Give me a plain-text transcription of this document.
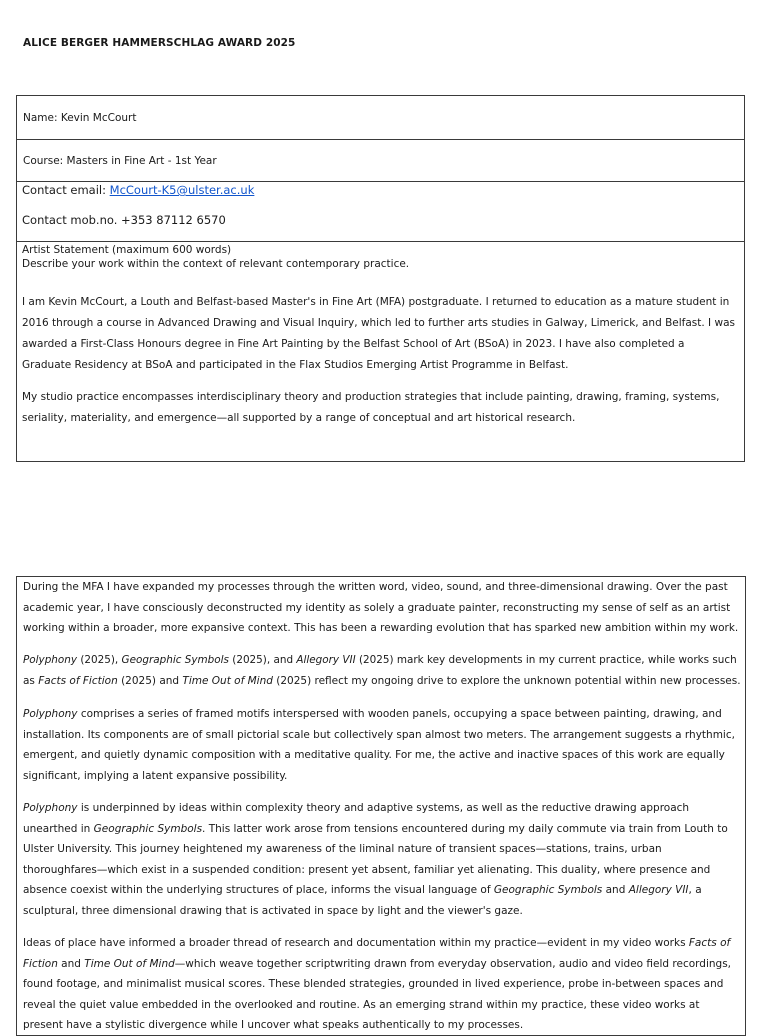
ALICE BERGER HAMMERSCHLAG AWARD 2025
Name: Kevin McCourt
Course: Masters in Fine Art - 1st Year
Contact email: McCourt-K5@ulster.ac.uk
Contact mob.no. +353 87112 6570
Artist Statement (maximum 600 words)
Describe your work within the context of relevant contemporary practice.
I am Kevin McCourt, a Louth and Belfast-based Master's in Fine Art (MFA) postgraduate. I returned to education as a mature student in
2016 through a course in Advanced Drawing and Visual Inquiry, which led to further arts studies in Galway, Limerick, and Belfast. I was
awarded a First-Class Honours degree in Fine Art Painting by the Belfast School of Art (BSoA) in 2023. I have also completed a
Graduate Residency at BSoA and participated in the Flax Studios Emerging Artist Programme in Belfast.
My studio practice encompasses interdisciplinary theory and production strategies that include painting, drawing, framing, systems,
seriality, materiality, and emergence—all supported by a range of conceptual and art historical research.
During the MFA I have expanded my processes through the written word, video, sound, and three-dimensional drawing. Over the past
academic year, I have consciously deconstructed my identity as solely a graduate painter, reconstructing my sense of self as an artist
working within a broader, more expansive context. This has been a rewarding evolution that has sparked new ambition within my work.
Polyphony (2025), Geographic Symbols (2025), and Allegory VII (2025) mark key developments in my current practice, while works such
as Facts of Fiction (2025) and Time Out of Mind (2025) reflect my ongoing drive to explore the unknown potential within new processes.
Polyphony comprises a series of framed motifs interspersed with wooden panels, occupying a space between painting, drawing, and
installation. Its components are of small pictorial scale but collectively span almost two meters. The arrangement suggests a rhythmic,
emergent, and quietly dynamic composition with a meditative quality. For me, the active and inactive spaces of this work are equally
significant, implying a latent expansive possibility.
Polyphony is underpinned by ideas within complexity theory and adaptive systems, as well as the reductive drawing approach
unearthed in Geographic Symbols. This latter work arose from tensions encountered during my daily commute via train from Louth to
Ulster University. This journey heightened my awareness of the liminal nature of transient spaces—stations, trains, urban
thoroughfares—which exist in a suspended condition: present yet absent, familiar yet alienating. This duality, where presence and
absence coexist within the underlying structures of place, informs the visual language of Geographic Symbols and Allegory VII, a
sculptural, three dimensional drawing that is activated in space by light and the viewer's gaze.
Ideas of place have informed a broader thread of research and documentation within my practice—evident in my video works Facts of
Fiction and Time Out of Mind—which weave together scriptwriting drawn from everyday observation, audio and video field recordings,
found footage, and minimalist musical scores. These blended strategies, grounded in lived experience, probe in-between spaces and
reveal the quiet value embedded in the overlooked and routine. As an emerging strand within my practice, these video works at
present have a stylistic divergence while I uncover what speaks authentically to my processes.
